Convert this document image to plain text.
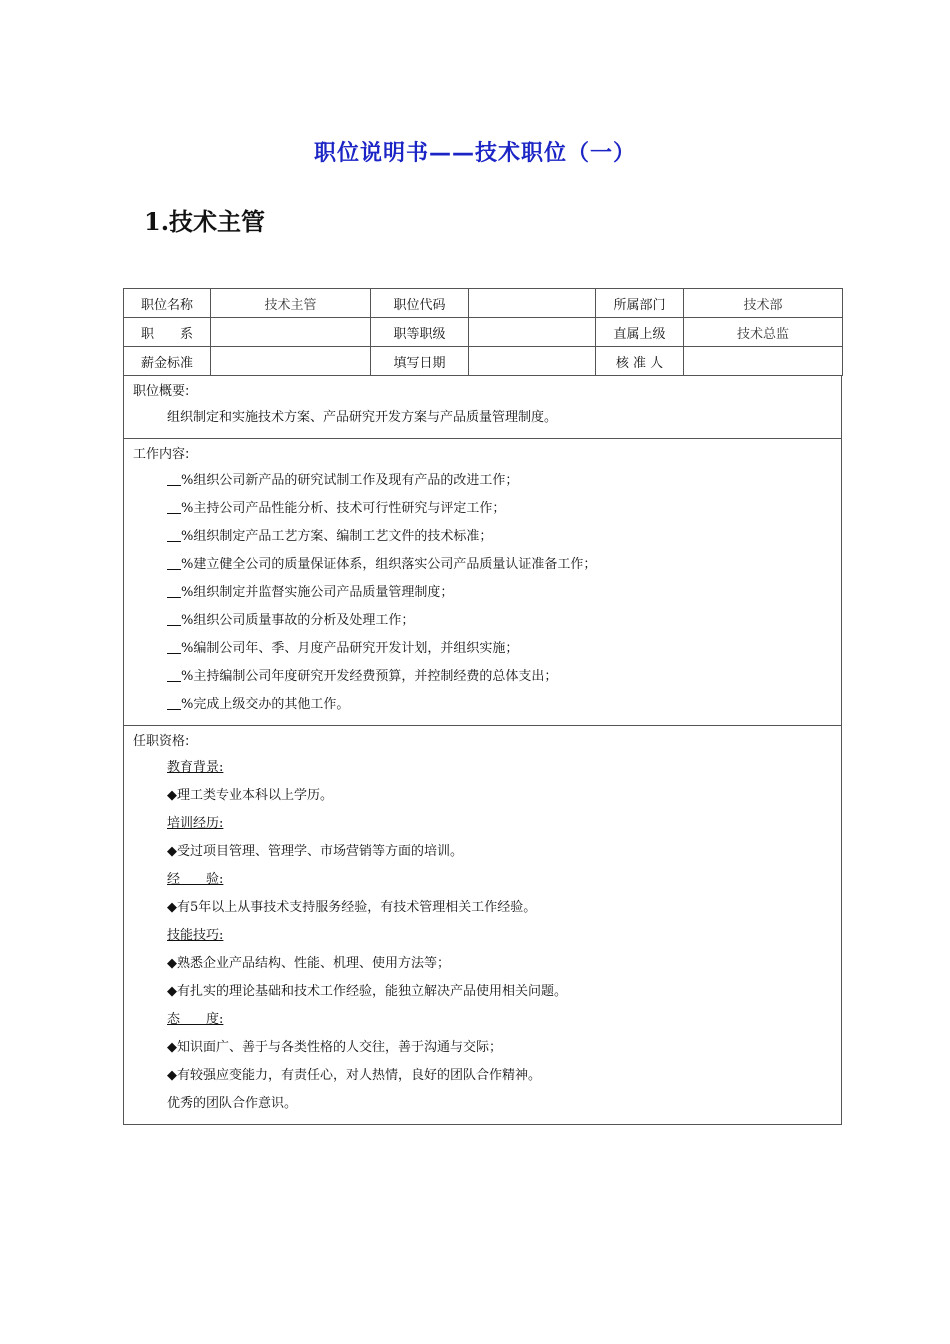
职位说明书——技术职位（一）
1.技术主管
职位名称	技术主管	职位代码		所属部门	技术部
职　　系		职等职级		直属上级	技术总监
薪金标准		填写日期		核 准 人	
职位概要:
组织制定和实施技术方案、产品研究开发方案与产品质量管理制度。
工作内容:
%组织公司新产品的研究试制工作及现有产品的改进工作；
%主持公司产品性能分析、技术可行性研究与评定工作；
%组织制定产品工艺方案、编制工艺文件的技术标准；
%建立健全公司的质量保证体系，组织落实公司产品质量认证准备工作；
%组织制定并监督实施公司产品质量管理制度；
%组织公司质量事故的分析及处理工作；
%编制公司年、季、月度产品研究开发计划，并组织实施；
%主持编制公司年度研究开发经费预算，并控制经费的总体支出；
%完成上级交办的其他工作。
任职资格:
教育背景:
◆理工类专业本科以上学历。
培训经历:
◆受过项目管理、管理学、市场营销等方面的培训。
经　　验:
◆有5年以上从事技术支持服务经验，有技术管理相关工作经验。
技能技巧:
◆熟悉企业产品结构、性能、机理、使用方法等；
◆有扎实的理论基础和技术工作经验，能独立解决产品使用相关问题。
态　　度:
◆知识面广、善于与各类性格的人交往，善于沟通与交际；
◆有较强应变能力，有责任心，对人热情，良好的团队合作精神。
优秀的团队合作意识。
